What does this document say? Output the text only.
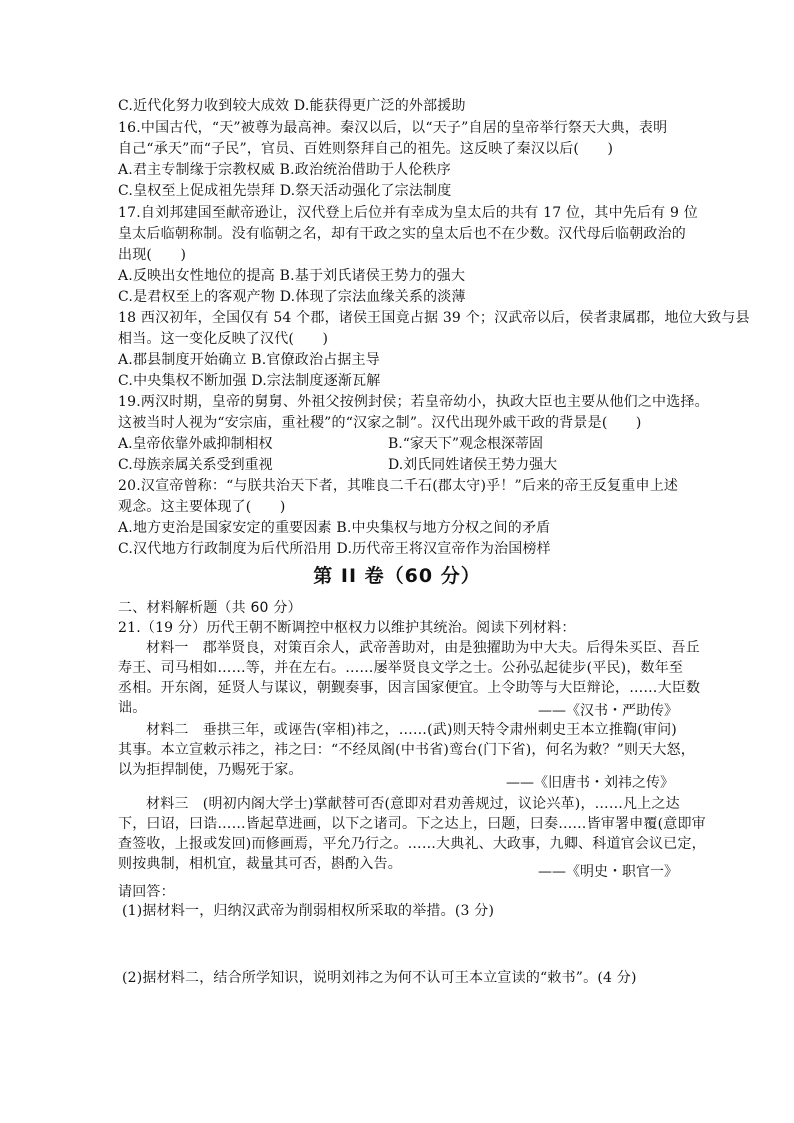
C.近代化努力收到较大成效 D.能获得更广泛的外部援助
16.中国古代，“天”被尊为最高神。秦汉以后，以“天子”自居的皇帝举行祭天大典，表明
自己“承天”而“子民”，官员、百姓则祭拜自己的祖先。这反映了秦汉以后(　　)
A.君主专制缘于宗教权威 B.政治统治借助于人伦秩序
C.皇权至上促成祖先崇拜 D.祭天活动强化了宗法制度
17.自刘邦建国至献帝逊让，汉代登上后位并有幸成为皇太后的共有 17 位，其中先后有 9 位
皇太后临朝称制。没有临朝之名，却有干政之实的皇太后也不在少数。汉代母后临朝政治的
出现(　　)
A.反映出女性地位的提高 B.基于刘氏诸侯王势力的强大
C.是君权至上的客观产物 D.体现了宗法血缘关系的淡薄
18 西汉初年，全国仅有 54 个郡，诸侯王国竟占据 39 个；汉武帝以后，侯者隶属郡，地位大致与县
相当。这一变化反映了汉代(　　)
A.郡县制度开始确立 B.官僚政治占据主导
C.中央集权不断加强 D.宗法制度逐渐瓦解
19.两汉时期，皇帝的舅舅、外祖父按例封侯；若皇帝幼小，执政大臣也主要从他们之中选择。
这被当时人视为“安宗庙，重社稷”的“汉家之制”。汉代出现外戚干政的背景是(　　)
A.皇帝依靠外戚抑制相权	B.“家天下”观念根深蒂固
C.母族亲属关系受到重视	D.刘氏同姓诸侯王势力强大
20.汉宣帝曾称：“与朕共治天下者，其唯良二千石(郡太守)乎！”后来的帝王反复重申上述
观念。这主要体现了(　　)
A.地方吏治是国家安定的重要因素 B.中央集权与地方分权之间的矛盾
C.汉代地方行政制度为后代所沿用 D.历代帝王将汉宣帝作为治国榜样
第 II 卷（60 分）
二、材料解析题（共 60 分）
21.（19 分）历代王朝不断调控中枢权力以维护其统治。阅读下列材料：
材料一　郡举贤良，对策百余人，武帝善助对，由是独擢助为中大夫。后得朱买臣、吾丘
寿王、司马相如……等，并在左右。……屡举贤良文学之士。公孙弘起徒步(平民)，数年至
丞相。开东阁，延贤人与谋议，朝觐奏事，因言国家便宜。上令助等与大臣辩论，……大臣数
诎。	——《汉书・严助传》
材料二　垂拱三年，或诬告(宰相)祎之，……(武)则天特令肃州刺史王本立推鞫(审问)
其事。本立宣敕示祎之，祎之曰：“不经凤阁(中书省)鸾台(门下省)，何名为敕？”则天大怒，
以为拒捍制使，乃赐死于家。
——《旧唐书・刘祎之传》
材料三　(明初内阁大学士)掌献替可否(意即对君劝善规过，议论兴革)，……凡上之达
下，曰诏，曰诰……皆起草进画，以下之诸司。下之达上，曰题，曰奏……皆审署申覆(意即审
查签收，上报或发回)而修画焉，平允乃行之。……大典礼、大政事，九卿、科道官会议已定，
则按典制，相机宜，裁量其可否，斟酌入告。	——《明史・职官一》
请回答：
(1)据材料一，归纳汉武帝为削弱相权所采取的举措。(3 分)
(2)据材料二，结合所学知识，说明刘祎之为何不认可王本立宣读的“敕书”。(4 分)
